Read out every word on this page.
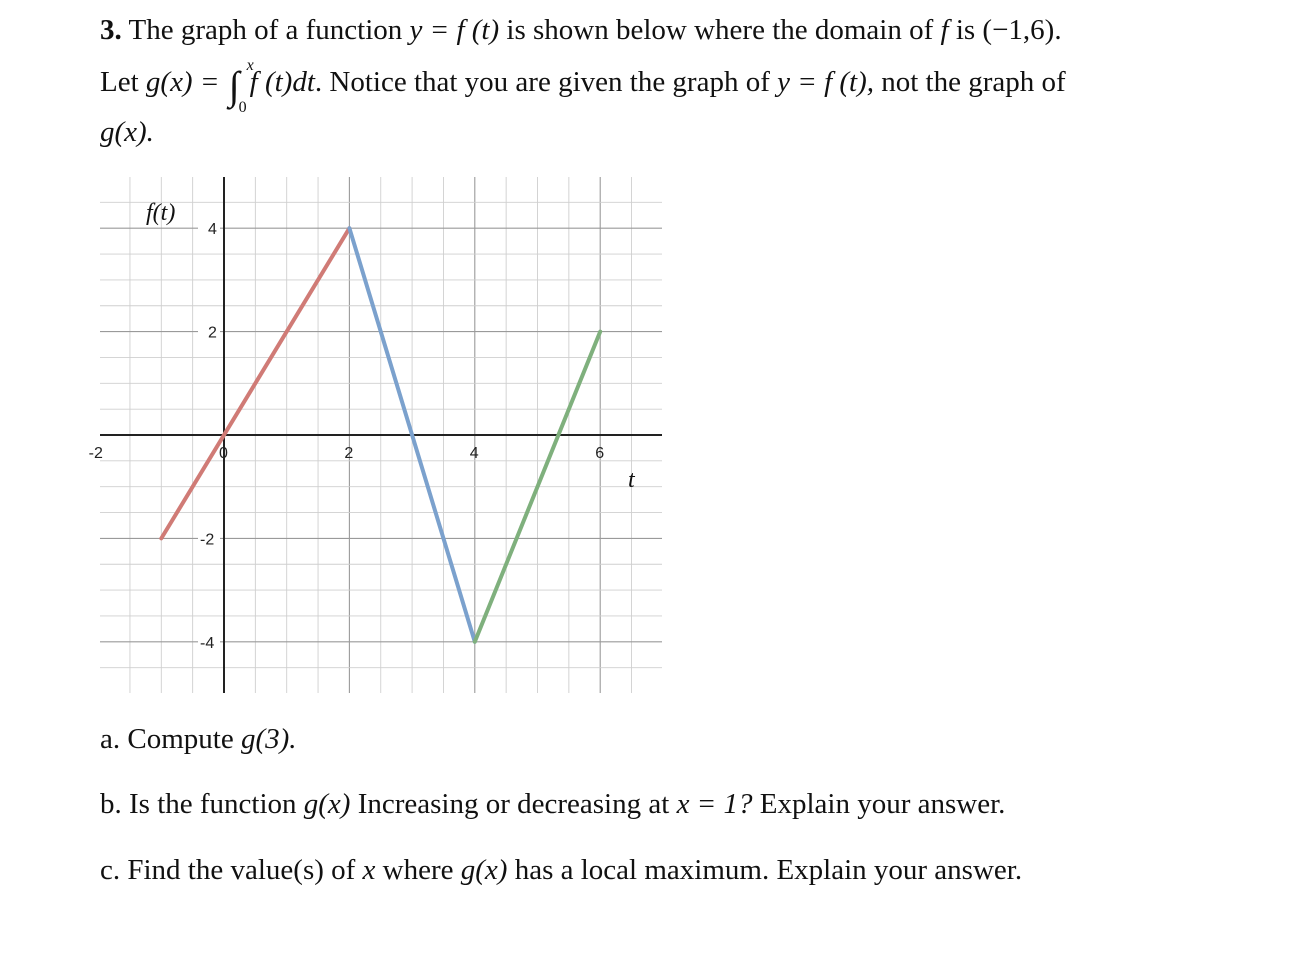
3. The graph of a function y = f (t) is shown below where the domain of f is (−1,6).
Let g(x) = ∫ x
0
f (t)dt. Notice that you are given the graph of y = f (t), not the graph of
g(x).
-2	0	2	4	6
4
2
-2
-4
f(t)
t
a. Compute g(3).
b. Is the function g(x) Increasing or decreasing at x = 1? Explain your answer.
c. Find the value(s) of x where g(x) has a local maximum. Explain your answer.
